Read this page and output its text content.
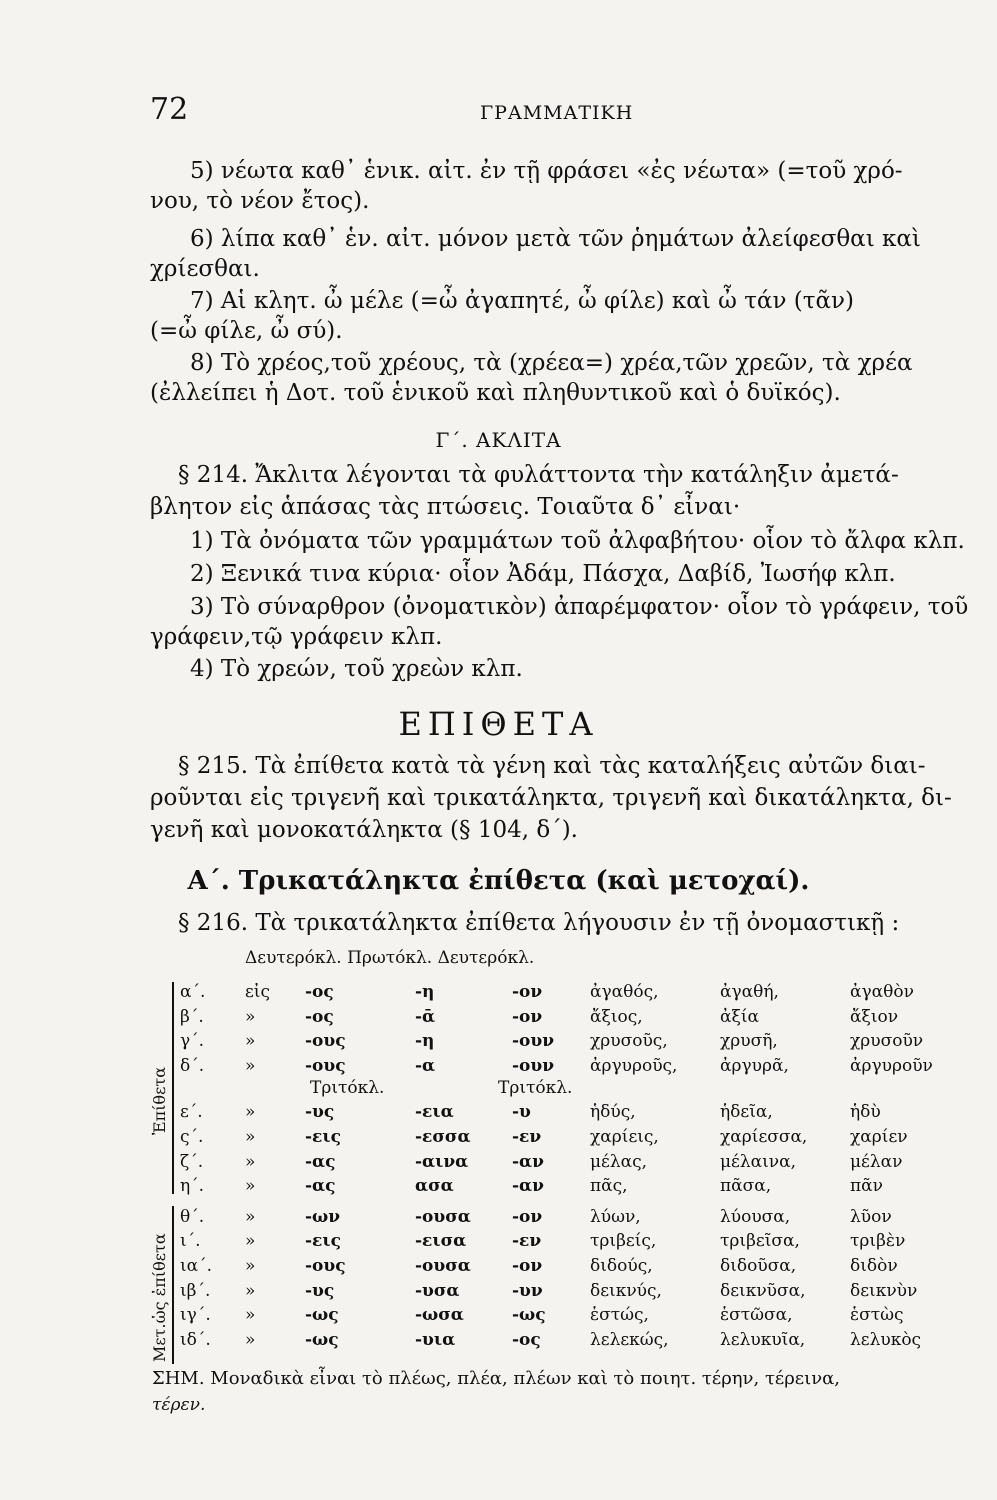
72	ΓΡΑΜΜΑΤΙΚΗ
5) νέωτα καθ᾽ ἑνικ. αἰτ. ἐν τῇ φράσει «ἐς νέωτα» (=τοῦ χρό-
νου, τὸ νέον ἔτος).
6) λίπα καθ᾽ ἑν. αἰτ. μόνον μετὰ τῶν ῥημάτων ἀλείφεσθαι καὶ
χρίεσθαι.
7) Αἱ κλητ. ὦ μέλε (=ὦ ἀγαπητέ, ὦ φίλε) καὶ ὦ τάν (τᾶν)
(=ὦ φίλε, ὦ σύ).
8) Τὸ χρέος,τοῦ χρέους, τὰ (χρέεα=) χρέα,τῶν χρεῶν, τὰ χρέα
(ἐλλείπει ἡ Δοτ. τοῦ ἑνικοῦ καὶ πληθυντικοῦ καὶ ὁ δυϊκός).
Γ΄. ΑΚΛΙΤΑ
§ 214. Ἄκλιτα λέγονται τὰ φυλάττοντα τὴν κατάληξιν ἀμετά-
βλητον εἰς ἁπάσας τὰς πτώσεις. Τοιαῦτα δ᾽ εἶναι·
1) Τὰ ὀνόματα τῶν γραμμάτων τοῦ ἀλφαβήτου· οἷον τὸ ἄλφα κλπ.
2) Ξενικά τινα κύρια· οἷον Ἀδάμ, Πάσχα, Δαβίδ, Ἰωσήφ κλπ.
3) Τὸ σύναρθρον (ὀνοματικὸν) ἀπαρέμφατον· οἷον τὸ γράφειν, τοῦ
γράφειν,τῷ γράφειν κλπ.
4) Τὸ χρεών, τοῦ χρεὼν κλπ.
ΕΠΙΘΕΤΑ
§ 215. Τὰ ἐπίθετα κατὰ τὰ γένη καὶ τὰς καταλήξεις αὐτῶν διαι-
ροῦνται εἰς τριγενῆ καὶ τρικατάληκτα, τριγενῆ καὶ δικατάληκτα, δι-
γενῆ καὶ μονοκατάληκτα (§ 104, δ΄).
Α΄. Τρικατάληκτα ἐπίθετα (καὶ μετοχαί).
§ 216. Τὰ τρικατάληκτα ἐπίθετα λήγουσιν ἐν τῇ ὀνομαστικῇ :
Δευτερόκλ. Πρωτόκλ. Δευτερόκλ.
Ἐπίθετα
Μετ.ὡς ἐπίθετα
α΄. εἰς -ος	-η	-ον	ἀγαθός,	ἀγαθή,	ἀγαθὸν
β΄. »	-ος	-ᾱ	-ον	ἄξιος,	ἀξία	ἄξιον
γ΄. »	-ους	-η	-ουν χρυσοῦς,	χρυσῆ,	χρυσοῦν
δ΄. »	-ους	-α	-ουν ἀργυροῦς,	ἀργυρᾶ,	ἀργυροῦν
Τριτόκλ.	Τριτόκλ.
ε΄. »	-υς	-εια	-υ	ἡδύς,	ἡδεῖα,	ἡδὺ
ς΄. »	-εις	-εσσα -εν	χαρίεις,	χαρίεσσα,	χαρίεν
ζ΄. »	-ας	-αινα	-αν	μέλας,	μέλαινα,	μέλαν
η΄. »	-ας	ασα	-αν	πᾶς,	πᾶσα,	πᾶν
θ΄. »	-ων	-ουσα -ον	λύων,	λύουσα,	λῦον
ι΄.	»	-εις	-εισα	-εν	τριβείς,	τριβεῖσα,	τριβὲν
ια΄. »	-ους	-ουσα -ον	διδούς,	διδοῦσα,	διδὸν
ιβ΄. »	-υς	-υσα	-υν	δεικνύς,	δεικνῦσα,	δεικνὺν
ιγ΄. »	-ως	-ωσα	-ως	ἑστώς,	ἑστῶσα,	ἑστὼς
ιδ΄. »	-ως	-υια	-ος	λελεκώς,	λελυκυῖα,	λελυκὸς
ΣΗΜ. Μοναδικὰ εἶναι τὸ πλέως, πλέα, πλέων καὶ τὸ ποιητ. τέρην, τέρεινα,
τέρεν.
